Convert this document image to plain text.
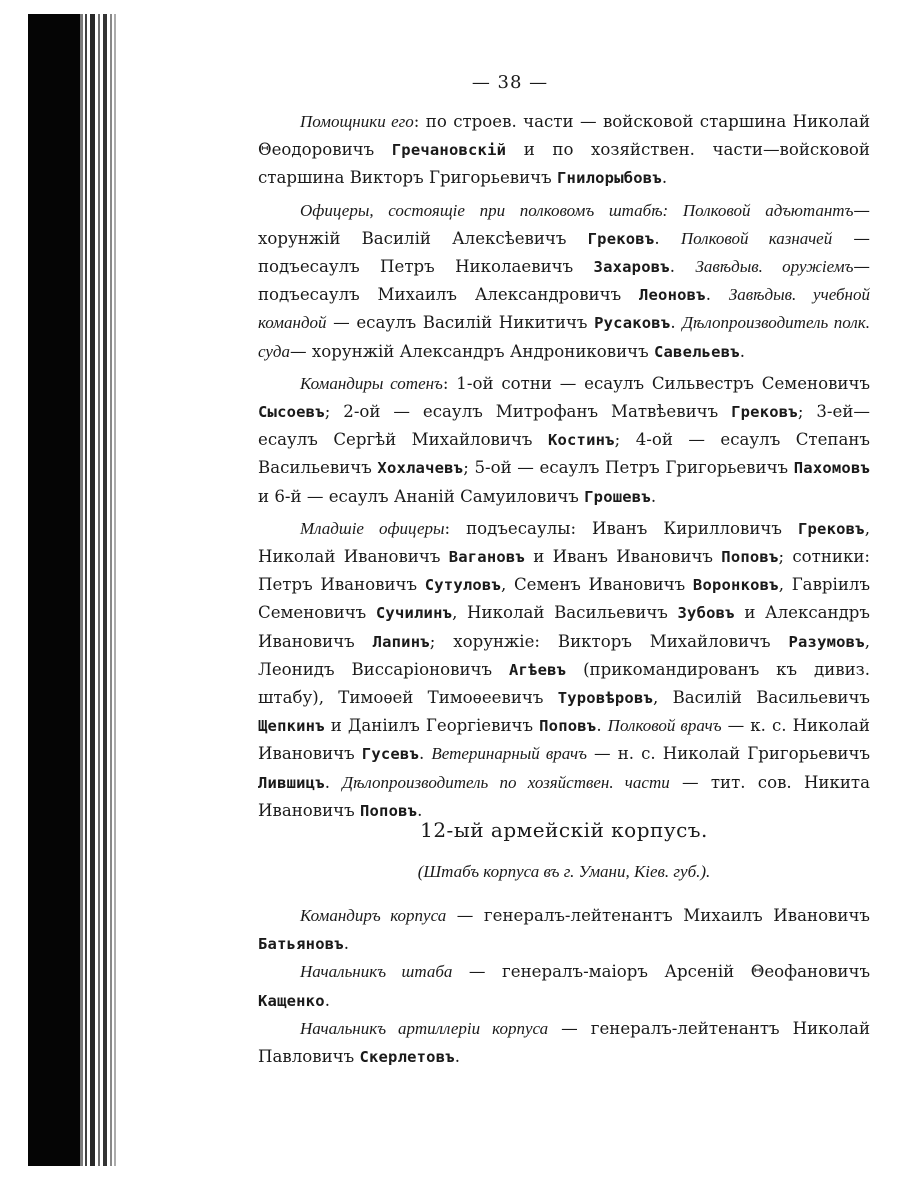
— 38 —

Помощники его: по строев. части — войсковой старшина Николай Θеодоровичъ Гречановскій и по хозяйствен. части—войсковой старшина Викторъ Григорьевичъ Гнилорыбовъ.

Офицеры, состоящіе при полковомъ штабѣ: Полковой адъютантъ— хорунжій Василій Алексѣевичъ Грековъ. Полковой казначей — подъесаулъ Петръ Николаевичъ Захаровъ. Завѣдыв. оружіемъ—подъесаулъ Михаилъ Александровичъ Леоновъ. Завѣдыв. учебной командой — есаулъ Василій Никитичъ Русаковъ. Дѣлопроизводитель полк. суда— хорунжій Александръ Андрониковичъ Савельевъ.

Командиры сотенъ: 1-ой сотни — есаулъ Сильвестръ Семеновичъ Сысоевъ; 2-ой — есаулъ Митрофанъ Матвѣевичъ Грековъ; 3-ей— есаулъ Сергѣй Михайловичъ Костинъ; 4-ой — есаулъ Степанъ Васильевичъ Хохлачевъ; 5-ой — есаулъ Петръ Григорьевичъ Пахомовъ и 6-й — есаулъ Ананій Самуиловичъ Грошевъ.

Младшіе офицеры: подъесаулы: Иванъ Кирилловичъ Грековъ, Николай Ивановичъ Вагановъ и Иванъ Ивановичъ Поповъ; сотники: Петръ Ивановичъ Сутуловъ, Семенъ Ивановичъ Воронковъ, Гавріилъ Семеновичъ Сучилинъ, Николай Васильевичъ Зубовъ и Александръ Ивановичъ Лапинъ; хорунжіе: Викторъ Михайловичъ Разумовъ, Леонидъ Виссаріоновичъ Агѣевъ (прикомандированъ къ дивиз. штабу), Тимоѳей Тимоѳеевичъ Туровѣровъ, Василій Васильевичъ Щепкинъ и Даніилъ Георгіевичъ Поповъ. Полковой врачъ — к. с. Николай Ивановичъ Гусевъ. Ветеринарный врачъ — н. с. Николай Григорьевичъ Лившицъ. Дѣлопроизводитель по хозяйствен. части — тит. сов. Никита Ивановичъ Поповъ.

12-ый армейскій корпусъ.
(Штабъ корпуса въ г. Умани, Кіев. губ.).

Командиръ корпуса — генералъ-лейтенантъ Михаилъ Ивановичъ Батьяновъ.

Начальникъ штаба — генералъ-маіоръ Арсеній Θеофановичъ Кащенко.

Начальникъ артиллеріи корпуса — генералъ-лейтенантъ Николай Павловичъ Скерлетовъ.
